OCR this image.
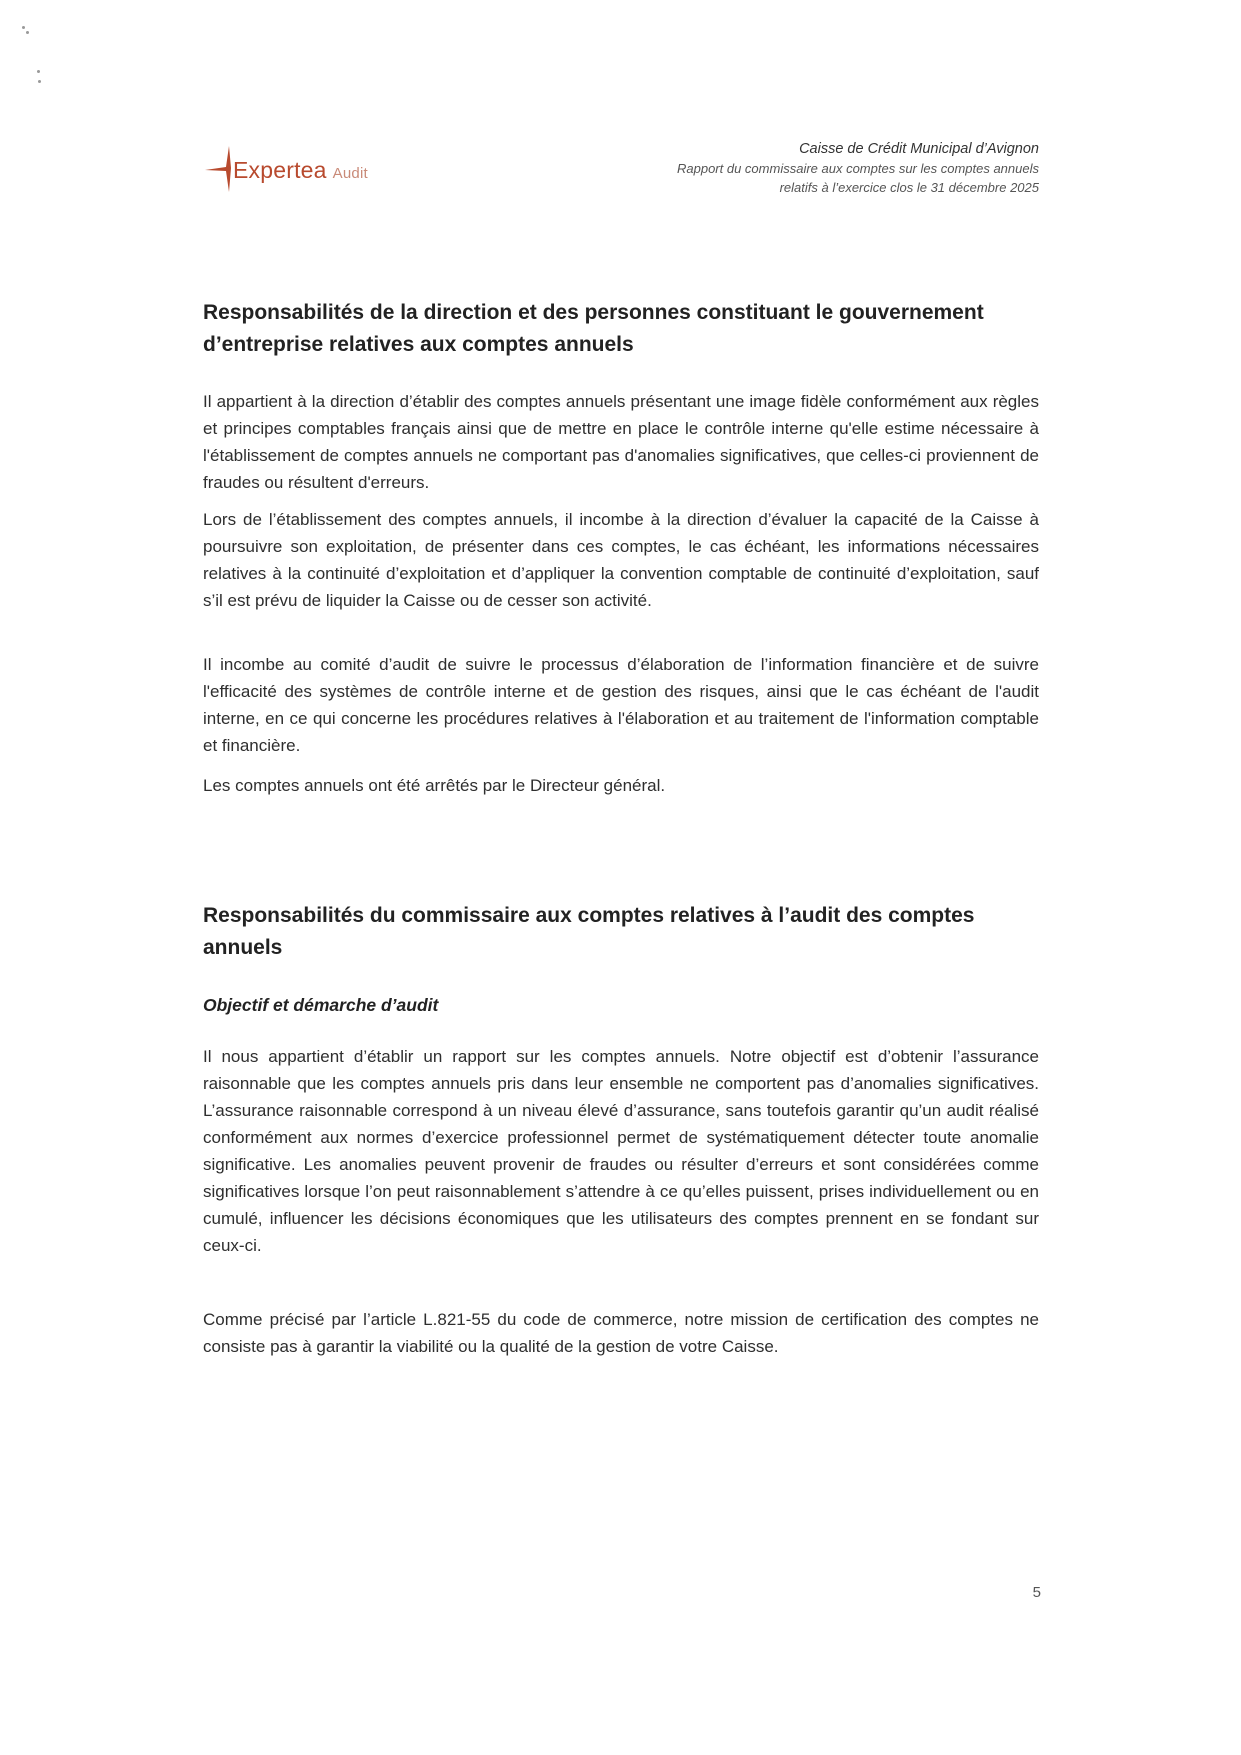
Expertea Audit
Caisse de Crédit Municipal d’Avignon
Rapport du commissaire aux comptes sur les comptes annuels
relatifs à l’exercice clos le 31 décembre 2025
Responsabilités de la direction et des personnes constituant le gouvernement d’entreprise relatives aux comptes annuels

Il appartient à la direction d’établir des comptes annuels présentant une image fidèle conformément aux règles et principes comptables français ainsi que de mettre en place le contrôle interne qu'elle estime nécessaire à l'établissement de comptes annuels ne comportant pas d'anomalies significatives, que celles-ci proviennent de fraudes ou résultent d'erreurs.

Lors de l’établissement des comptes annuels, il incombe à la direction d’évaluer la capacité de la Caisse à poursuivre son exploitation, de présenter dans ces comptes, le cas échéant, les informations nécessaires relatives à la continuité d’exploitation et d’appliquer la convention comptable de continuité d’exploitation, sauf s’il est prévu de liquider la Caisse ou de cesser son activité.

Il incombe au comité d’audit de suivre le processus d’élaboration de l’information financière et de suivre l'efficacité des systèmes de contrôle interne et de gestion des risques, ainsi que le cas échéant de l'audit interne, en ce qui concerne les procédures relatives à l'élaboration et au traitement de l'information comptable et financière.

Les comptes annuels ont été arrêtés par le Directeur général.

Responsabilités du commissaire aux comptes relatives à l’audit des comptes annuels
Objectif et démarche d’audit

Il nous appartient d’établir un rapport sur les comptes annuels. Notre objectif est d’obtenir l’assurance raisonnable que les comptes annuels pris dans leur ensemble ne comportent pas d’anomalies significatives. L’assurance raisonnable correspond à un niveau élevé d’assurance, sans toutefois garantir qu’un audit réalisé conformément aux normes d’exercice professionnel permet de systématiquement détecter toute anomalie significative. Les anomalies peuvent provenir de fraudes ou résulter d’erreurs et sont considérées comme significatives lorsque l’on peut raisonnablement s’attendre à ce qu’elles puissent, prises individuellement ou en cumulé, influencer les décisions économiques que les utilisateurs des comptes prennent en se fondant sur ceux-ci.

Comme précisé par l’article L.821-55 du code de commerce, notre mission de certification des comptes ne consiste pas à garantir la viabilité ou la qualité de la gestion de votre Caisse.

5
